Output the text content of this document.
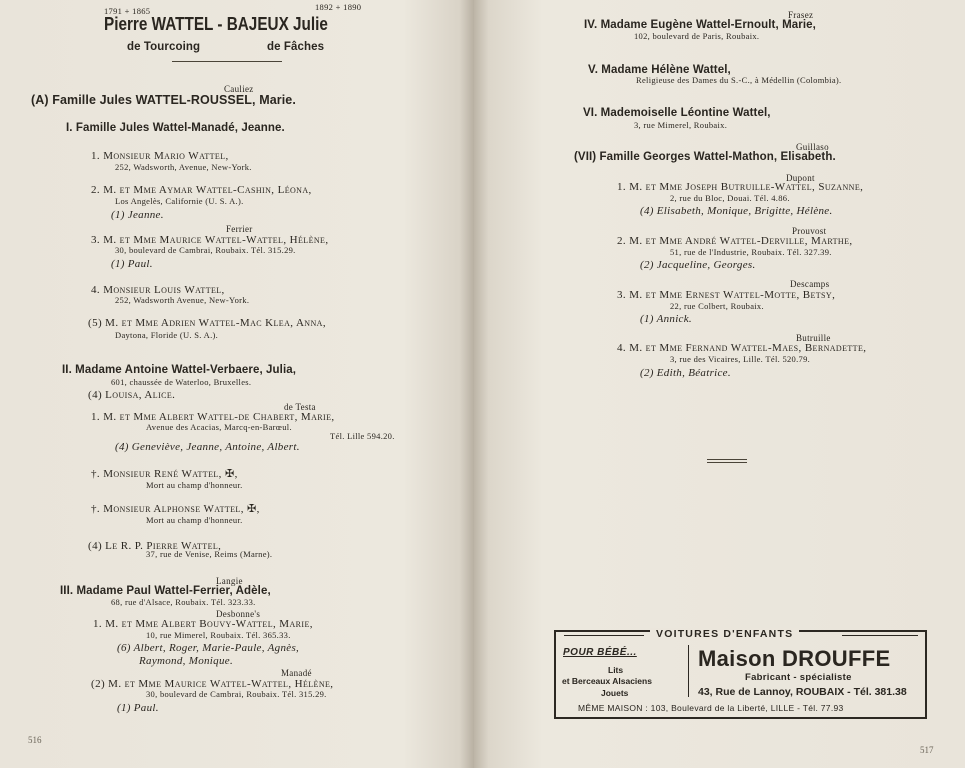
1791 + 1865	1892 + 1890
Pierre WATTEL - BAJEUX Julie
de Tourcoing	de Fâches
Cauliez
(A) Famille Jules WATTEL-ROUSSEL, Marie.
I. Famille Jules Wattel-Manadé, Jeanne.
1. Monsieur Mario Wattel,
252, Wadsworth, Avenue, New-York.
2. M. et Mme Aymar Wattel-Cashin, Léona,
Los Angelès, Californie (U. S. A.).
(1) Jeanne.
Ferrier
3. M. et Mme Maurice Wattel-Wattel, Hélène,
30, boulevard de Cambrai, Roubaix. Tél. 315.29.
(1) Paul.
4. Monsieur Louis Wattel,
252, Wadsworth Avenue, New-York.
(5) M. et Mme Adrien Wattel-Mac Klea, Anna,
Daytona, Floride (U. S. A.).
II. Madame Antoine Wattel-Verbaere, Julia,
601, chaussée de Waterloo, Bruxelles.
(4) Louisa, Alice.
de Testa
1. M. et Mme Albert Wattel-de Chabert, Marie,
Avenue des Acacias, Marcq-en-Barœul.
Tél. Lille 594.20.
(4) Geneviève, Jeanne, Antoine, Albert.
†. Monsieur René Wattel, ✠,
Mort au champ d'honneur.
†. Monsieur Alphonse Wattel, ✠,
Mort au champ d'honneur.
(4) Le R. P. Pierre Wattel,
37, rue de Venise, Reims (Marne).
Langie
III. Madame Paul Wattel-Ferrier, Adèle,
68, rue d'Alsace, Roubaix. Tél. 323.33.
Desbonne's
1. M. et Mme Albert Bouvy-Wattel, Marie,
10, rue Mimerel, Roubaix. Tél. 365.33.
(6) Albert, Roger, Marie-Paule, Agnès,
Raymond, Monique.
Manadé
(2) M. et Mme Maurice Wattel-Wattel, Hélène,
30, boulevard de Cambrai, Roubaix. Tél. 315.29.
(1) Paul.
516
Frasez
IV. Madame Eugène Wattel-Ernoult, Marie,
102, boulevard de Paris, Roubaix.
V. Madame Hélène Wattel,
Religieuse des Dames du S.-C., à Médellin (Colombia).
VI. Mademoiselle Léontine Wattel,
3, rue Mimerel, Roubaix.
Guillaso
(VII) Famille Georges Wattel-Mathon, Elisabeth.
Dupont
1. M. et Mme Joseph Butruille-Wattel, Suzanne,
2, rue du Bloc, Douai. Tél. 4.86.
(4) Elisabeth, Monique, Brigitte, Hélène.
Prouvost
2. M. et Mme André Wattel-Derville, Marthe,
51, rue de l'Industrie, Roubaix. Tél. 327.39.
(2) Jacqueline, Georges.
Descamps
3. M. et Mme Ernest Wattel-Motte, Betsy,
22, rue Colbert, Roubaix.
(1) Annick.
Butruille
4. M. et Mme Fernand Wattel-Maes, Bernadette,
3, rue des Vicaires, Lille. Tél. 520.79.
(2) Edith, Béatrice.
517
VOITURES D'ENFANTS
POUR BÉBÉ...
Lits
et Berceaux Alsaciens
Jouets
Maison DROUFFE
Fabricant - spécialiste
43, Rue de Lannoy, ROUBAIX - Tél. 381.38
MÊME MAISON : 103, Boulevard de la Liberté, LILLE - Tél. 77.93
